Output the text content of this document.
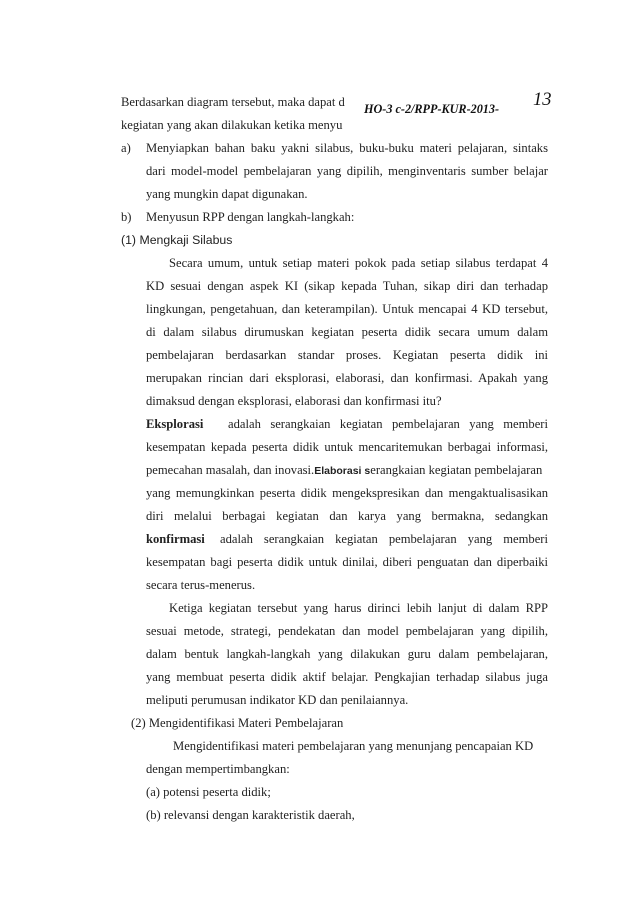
Berdasarkan diagram tersebut, maka dapat d
kegiatan yang akan dilakukan ketika menyu
HO-3 c-2/RPP-KUR-2013- 13
a) Menyiapkan bahan baku yakni silabus, buku-buku materi pelajaran, sintaks
dari model-model pembelajaran yang dipilih, menginventaris sumber belajar
yang mungkin dapat digunakan.
b) Menyusun RPP dengan langkah-langkah:
(1) Mengkaji Silabus
Secara umum, untuk setiap materi pokok pada setiap silabus terdapat 4
KD sesuai dengan aspek KI (sikap kepada Tuhan, sikap diri dan terhadap
lingkungan, pengetahuan, dan keterampilan). Untuk mencapai 4 KD tersebut,
di dalam silabus dirumuskan kegiatan peserta didik secara umum dalam
pembelajaran berdasarkan standar proses. Kegiatan peserta didik ini
merupakan rincian dari eksplorasi, elaborasi, dan konfirmasi. Apakah yang
dimaksud dengan eksplorasi, elaborasi dan konfirmasi itu?
Eksplorasi adalah serangkaian kegiatan pembelajaran yang memberi
kesempatan kepada peserta didik untuk mencaritemukan berbagai informasi,
pemecahan masalah, dan inovasi.Elaborasi serangkaian kegiatan pembelajaran
yang memungkinkan peserta didik mengekspresikan dan mengaktualisasikan
diri melalui berbagai kegiatan dan karya yang bermakna, sedangkan
konfirmasi adalah serangkaian kegiatan pembelajaran yang memberi
kesempatan bagi peserta didik untuk dinilai, diberi penguatan dan diperbaiki
secara terus-menerus.
Ketiga kegiatan tersebut yang harus dirinci lebih lanjut di dalam RPP
sesuai metode, strategi, pendekatan dan model pembelajaran yang dipilih,
dalam bentuk langkah-langkah yang dilakukan guru dalam pembelajaran,
yang membuat peserta didik aktif belajar. Pengkajian terhadap silabus juga
meliputi perumusan indikator KD dan penilaiannya.
(2) Mengidentifikasi Materi Pembelajaran
Mengidentifikasi materi pembelajaran yang menunjang pencapaian KD
dengan mempertimbangkan:
(a) potensi peserta didik;
(b) relevansi dengan karakteristik daerah,
